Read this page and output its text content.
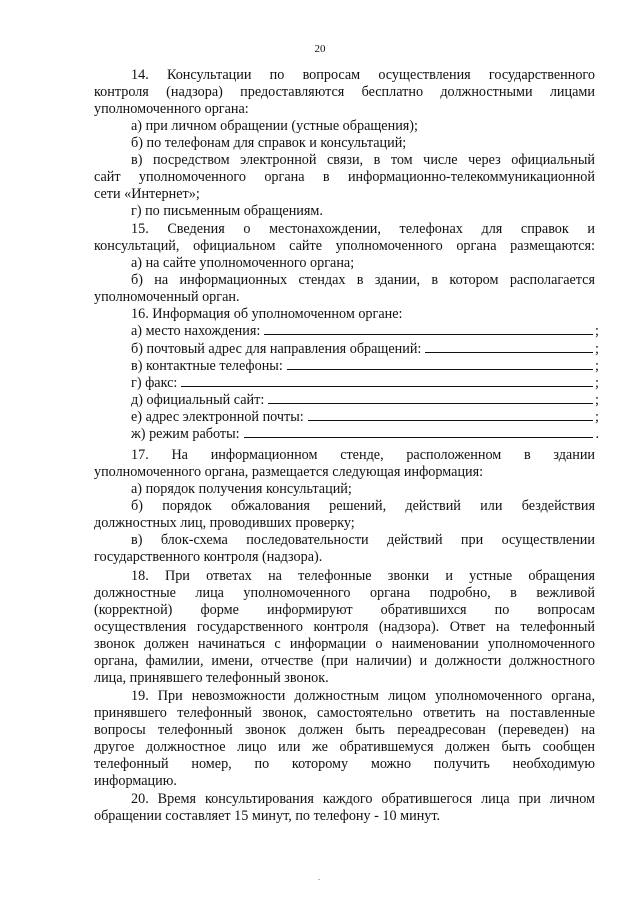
20
14. Консультации по вопросам осуществления государственного
контроля (надзора) предоставляются бесплатно должностными лицами
уполномоченного органа:
а) при личном обращении (устные обращения);
б) по телефонам для справок и консультаций;
в) посредством электронной связи, в том числе через официальный
сайт уполномоченного органа в информационно-телекоммуникационной
сети «Интернет»;
г) по письменным обращениям.
15. Сведения о местонахождении, телефонах для справок и
консультаций, официальном сайте уполномоченного органа размещаются:
а) на сайте уполномоченного органа;
б) на информационных стендах в здании, в котором располагается
уполномоченный орган.
16. Информация об уполномоченном органе:
а) место нахождения:	;
б) почтовый адрес для направления обращений:	;
в) контактные телефоны:	;
г) факс:	;
д) официальный сайт:	;
е) адрес электронной почты:	;
ж) режим работы:	.
17. На информационном стенде, расположенном в здании
уполномоченного органа, размещается следующая информация:
а) порядок получения консультаций;
б) порядок обжалования решений, действий или бездействия
должностных лиц, проводивших проверку;
в) блок-схема последовательности действий при осуществлении
государственного контроля (надзора).
18. При ответах на телефонные звонки и устные обращения
должностные лица уполномоченного органа подробно, в вежливой
(корректной) форме информируют обратившихся по вопросам
осуществления государственного контроля (надзора). Ответ на телефонный
звонок должен начинаться с информации о наименовании уполномоченного
органа, фамилии, имени, отчестве (при наличии) и должности должностного
лица, принявшего телефонный звонок.
19. При невозможности должностным лицом уполномоченного органа,
принявшего телефонный звонок, самостоятельно ответить на поставленные
вопросы телефонный звонок должен быть переадресован (переведен) на
другое должностное лицо или же обратившемуся должен быть сообщен
телефонный номер, по которому можно получить необходимую
информацию.
20. Время консультирования каждого обратившегося лица при личном
обращении составляет 15 минут, по телефону - 10 минут.
